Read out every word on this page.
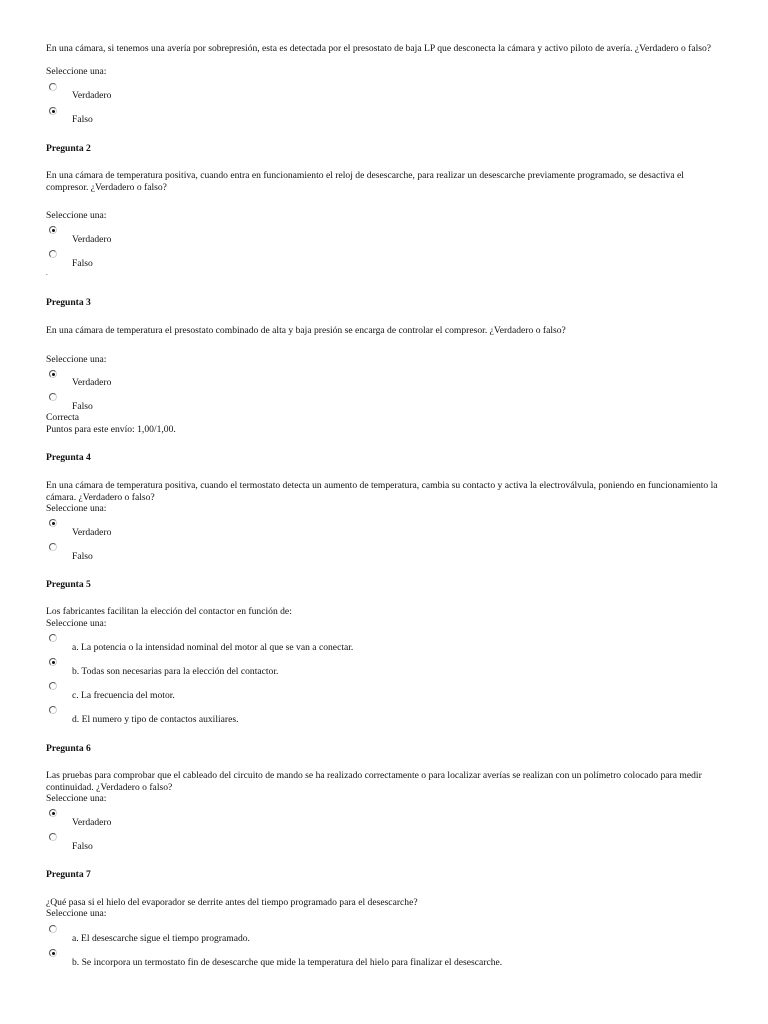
En una cámara, si tenemos una avería por sobrepresión, esta es detectada por el presostato de baja LP que desconecta la cámara y activo piloto de avería. ¿Verdadero o falso?
Seleccione una:
Verdadero
Falso
Pregunta 2
En una cámara de temperatura positiva, cuando entra en funcionamiento el reloj de desescarche, para realizar un desescarche previamente programado, se desactiva el compresor. ¿Verdadero o falso?
Seleccione una:
Verdadero
Falso
.
Pregunta 3
En una cámara de temperatura el presostato combinado de alta y baja presión se encarga de controlar el compresor. ¿Verdadero o falso?
Seleccione una:
Verdadero
Falso
Correcta
Puntos para este envío: 1,00/1,00.
Pregunta 4
En una cámara de temperatura positiva, cuando el termostato detecta un aumento de temperatura, cambia su contacto y activa la electroválvula, poniendo en funcionamiento la cámara. ¿Verdadero o falso?
Seleccione una:
Verdadero
Falso
Pregunta 5
Los fabricantes facilitan la elección del contactor en función de:
Seleccione una:
a. La potencia o la intensidad nominal del motor al que se van a conectar.
b. Todas son necesarias para la elección del contactor.
c. La frecuencia del motor.
d. El numero y tipo de contactos auxiliares.
Pregunta 6
Las pruebas para comprobar que el cableado del circuito de mando se ha realizado correctamente o para localizar averías se realizan con un polímetro colocado para medir continuidad. ¿Verdadero o falso?
Seleccione una:
Verdadero
Falso
Pregunta 7
¿Qué pasa si el hielo del evaporador se derrite antes del tiempo programado para el desescarche?
Seleccione una:
a. El desescarche sigue el tiempo programado.
b. Se incorpora un termostato fin de desescarche que mide la temperatura del hielo para finalizar el desescarche.
